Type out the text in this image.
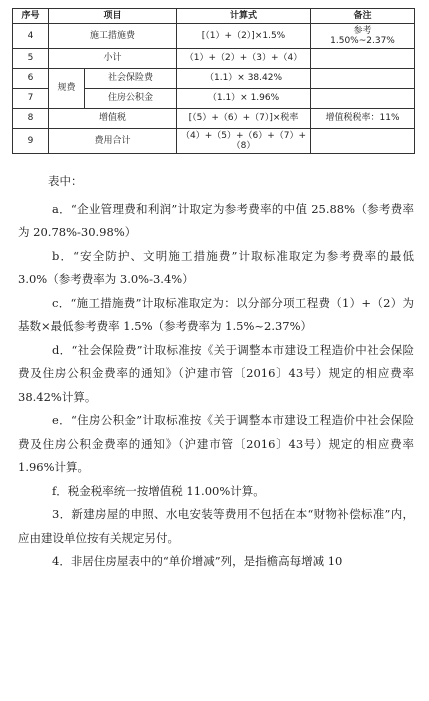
序号	项目		计算式	备注
4	施工措施费		[（1）+（2）]×1.5%	参考
1.50%~2.37%

5	小计		（1）+（2）+（3）+（4）	
6	规费	社会保险费	（1.1）× 38.42%	
7		住房公积金	（1.1）× 1.96%	
8	增值税		[（5）+（6）+（7）]×税率	增值税税率：11%
9	费用合计		（4）+（5）+（6）+（7）+
（8）	

表中：

a．“企业管理费和利润”计取定为参考费率的中值 25.88%（参考费率为 20.78%-30.98%）

b．“安全防护、文明施工措施费”计取标准取定为参考费率的最低 3.0%（参考费率为 3.0%-3.4%）

c．“施工措施费”计取标准取定为：以分部分项工程费（1）+（2）为基数×最低参考费率 1.5%（参考费率为 1.5%~2.37%）

d．“社会保险费”计取标准按《关于调整本市建设工程造价中社会保险费及住房公积金费率的通知》（沪建市管〔2016〕43号）规定的相应费率 38.42%计算。

e．“住房公积金”计取标准按《关于调整本市建设工程造价中社会保险费及住房公积金费率的通知》（沪建市管〔2016〕43号）规定的相应费率 1.96%计算。

f．税金税率统一按增值税 11.00%计算。

3．新建房屋的申照、水电安装等费用不包括在本“财物补偿标准”内，应由建设单位按有关规定另付。

4．非居住房屋表中的“单价增减”列，是指檐高每增减 10
